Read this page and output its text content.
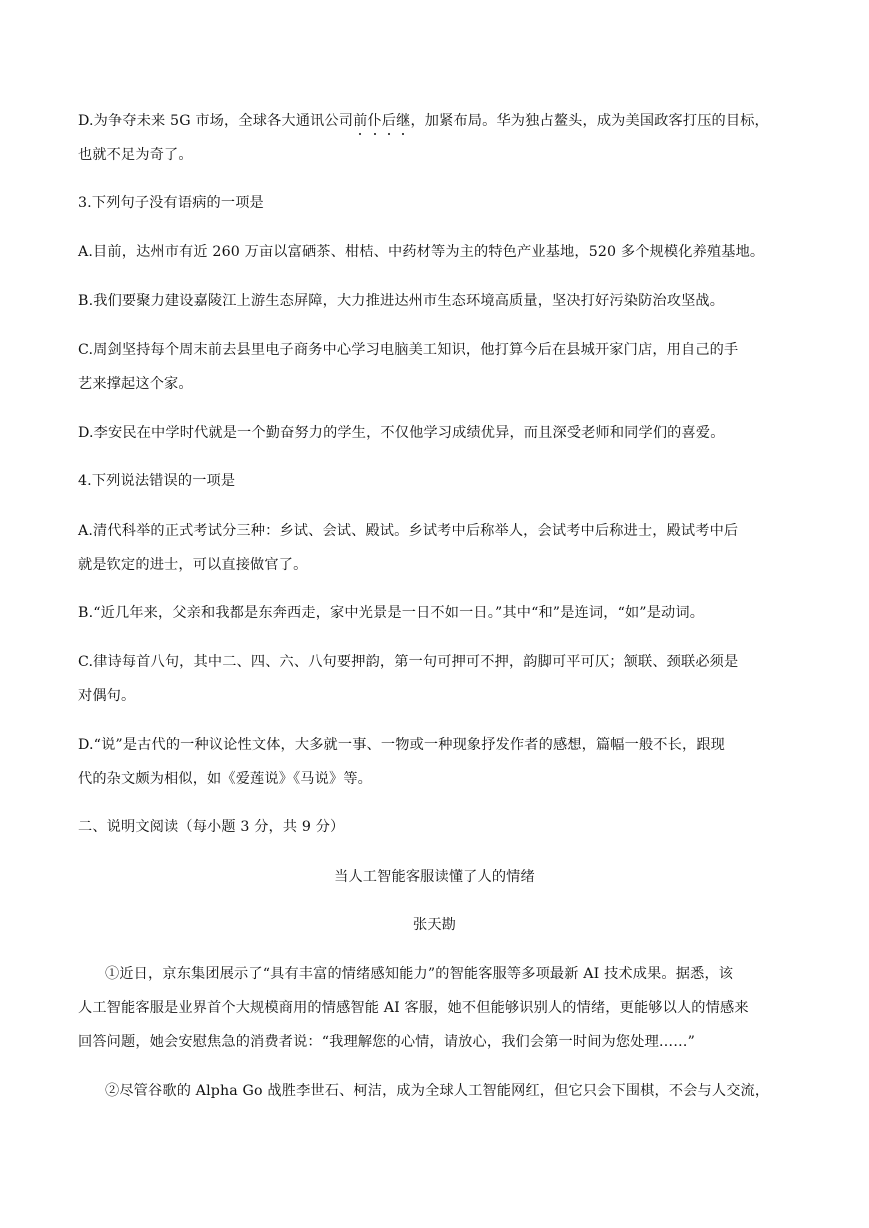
D.为争夺未来 5G 市场，全球各大通讯公司前仆后继，加紧布局。华为独占鳌头，成为美国政客打压的目标，
也就不足为奇了。
3.下列句子没有语病的一项是
A.目前，达州市有近 260 万亩以富硒茶、柑桔、中药材等为主的特色产业基地，520 多个规模化养殖基地。
B.我们要聚力建设嘉陵江上游生态屏障，大力推进达州市生态环境高质量，坚决打好污染防治攻坚战。
C.周剑坚持每个周末前去县里电子商务中心学习电脑美工知识，他打算今后在县城开家门店，用自己的手
艺来撑起这个家。
D.李安民在中学时代就是一个勤奋努力的学生，不仅他学习成绩优异，而且深受老师和同学们的喜爱。
4.下列说法错误的一项是
A.清代科举的正式考试分三种：乡试、会试、殿试。乡试考中后称举人，会试考中后称进士，殿试考中后
就是钦定的进士，可以直接做官了。
B.“近几年来，父亲和我都是东奔西走，家中光景是一日不如一日。”其中“和”是连词，“如”是动词。
C.律诗每首八句，其中二、四、六、八句要押韵，第一句可押可不押，韵脚可平可仄；颔联、颈联必须是
对偶句。
D.“说”是古代的一种议论性文体，大多就一事、一物或一种现象抒发作者的感想，篇幅一般不长，跟现
代的杂文颇为相似，如《爱莲说》《马说》等。
二、说明文阅读（每小题 3 分，共 9 分）
当人工智能客服读懂了人的情绪
张天勘
①近日，京东集团展示了“具有丰富的情绪感知能力”的智能客服等多项最新 AI 技术成果。据悉，该
人工智能客服是业界首个大规模商用的情感智能 AI 客服，她不但能够识别人的情绪，更能够以人的情感来
回答问题，她会安慰焦急的消费者说：“我理解您的心情，请放心，我们会第一时间为您处理……”
②尽管谷歌的 Alpha Go 战胜李世石、柯洁，成为全球人工智能网红，但它只会下围棋，不会与人交流，
